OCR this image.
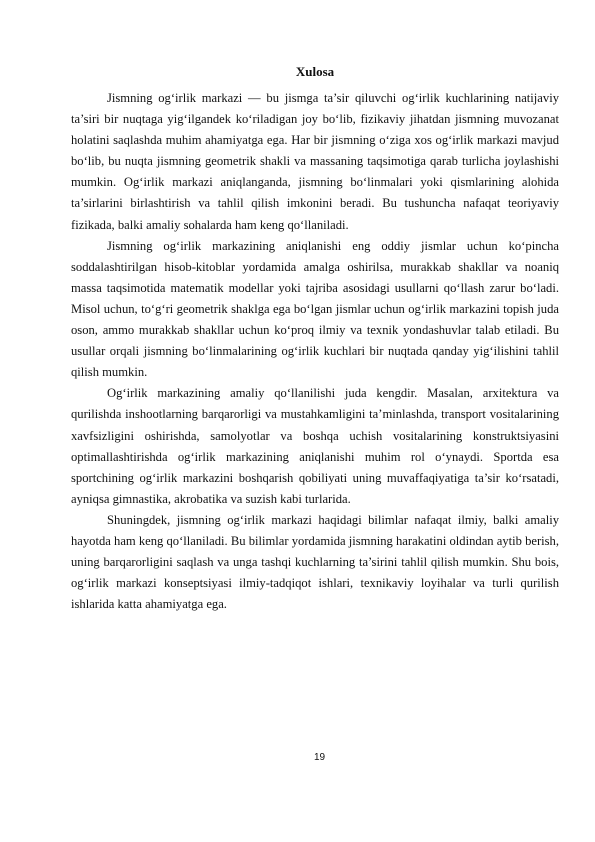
Xulosa

Jismning og‘irlik markazi — bu jismga ta’sir qiluvchi og‘irlik kuchlarining natijaviy ta’siri bir nuqtaga yig‘ilgandek ko‘riladigan joy bo‘lib, fizikaviy jihatdan jismning muvozanat holatini saqlashda muhim ahamiyatga ega. Har bir jismning o‘ziga xos og‘irlik markazi mavjud bo‘lib, bu nuqta jismning geometrik shakli va massaning taqsimotiga qarab turlicha joylashishi mumkin. Og‘irlik markazi aniqlanganda, jismning bo‘linmalari yoki qismlarining alohida ta’sirlarini birlashtirish va tahlil qilish imkonini beradi. Bu tushuncha nafaqat teoriyaviy fizikada, balki amaliy sohalarda ham keng qo‘llaniladi.

Jismning og‘irlik markazining aniqlanishi eng oddiy jismlar uchun ko‘pincha soddalashtirilgan hisob-kitoblar yordamida amalga oshirilsa, murakkab shakllar va noaniq massa taqsimotida matematik modellar yoki tajriba asosidagi usullarni qo‘llash zarur bo‘ladi. Misol uchun, to‘g‘ri geometrik shaklga ega bo‘lgan jismlar uchun og‘irlik markazini topish juda oson, ammo murakkab shakllar uchun ko‘proq ilmiy va texnik yondashuvlar talab etiladi. Bu usullar orqali jismning bo‘linmalarining og‘irlik kuchlari bir nuqtada qanday yig‘ilishini tahlil qilish mumkin.

Og‘irlik markazining amaliy qo‘llanilishi juda kengdir. Masalan, arxitektura va qurilishda inshootlarning barqarorligi va mustahkamligini ta’minlashda, transport vositalarining xavfsizligini oshirishda, samolyotlar va boshqa uchish vositalarining konstruktsiyasini optimallashtirishda og‘irlik markazining aniqlanishi muhim rol o‘ynaydi. Sportda esa sportchining og‘irlik markazini boshqarish qobiliyati uning muvaffaqiyatiga ta’sir ko‘rsatadi, ayniqsa gimnastika, akrobatika va suzish kabi turlarida.

Shuningdek, jismning og‘irlik markazi haqidagi bilimlar nafaqat ilmiy, balki amaliy hayotda ham keng qo‘llaniladi. Bu bilimlar yordamida jismning harakatini oldindan aytib berish, uning barqarorligini saqlash va unga tashqi kuchlarning ta’sirini tahlil qilish mumkin. Shu bois, og‘irlik markazi konseptsiyasi ilmiy-tadqiqot ishlari, texnikaviy loyihalar va turli qurilish ishlarida katta ahamiyatga ega.

19
